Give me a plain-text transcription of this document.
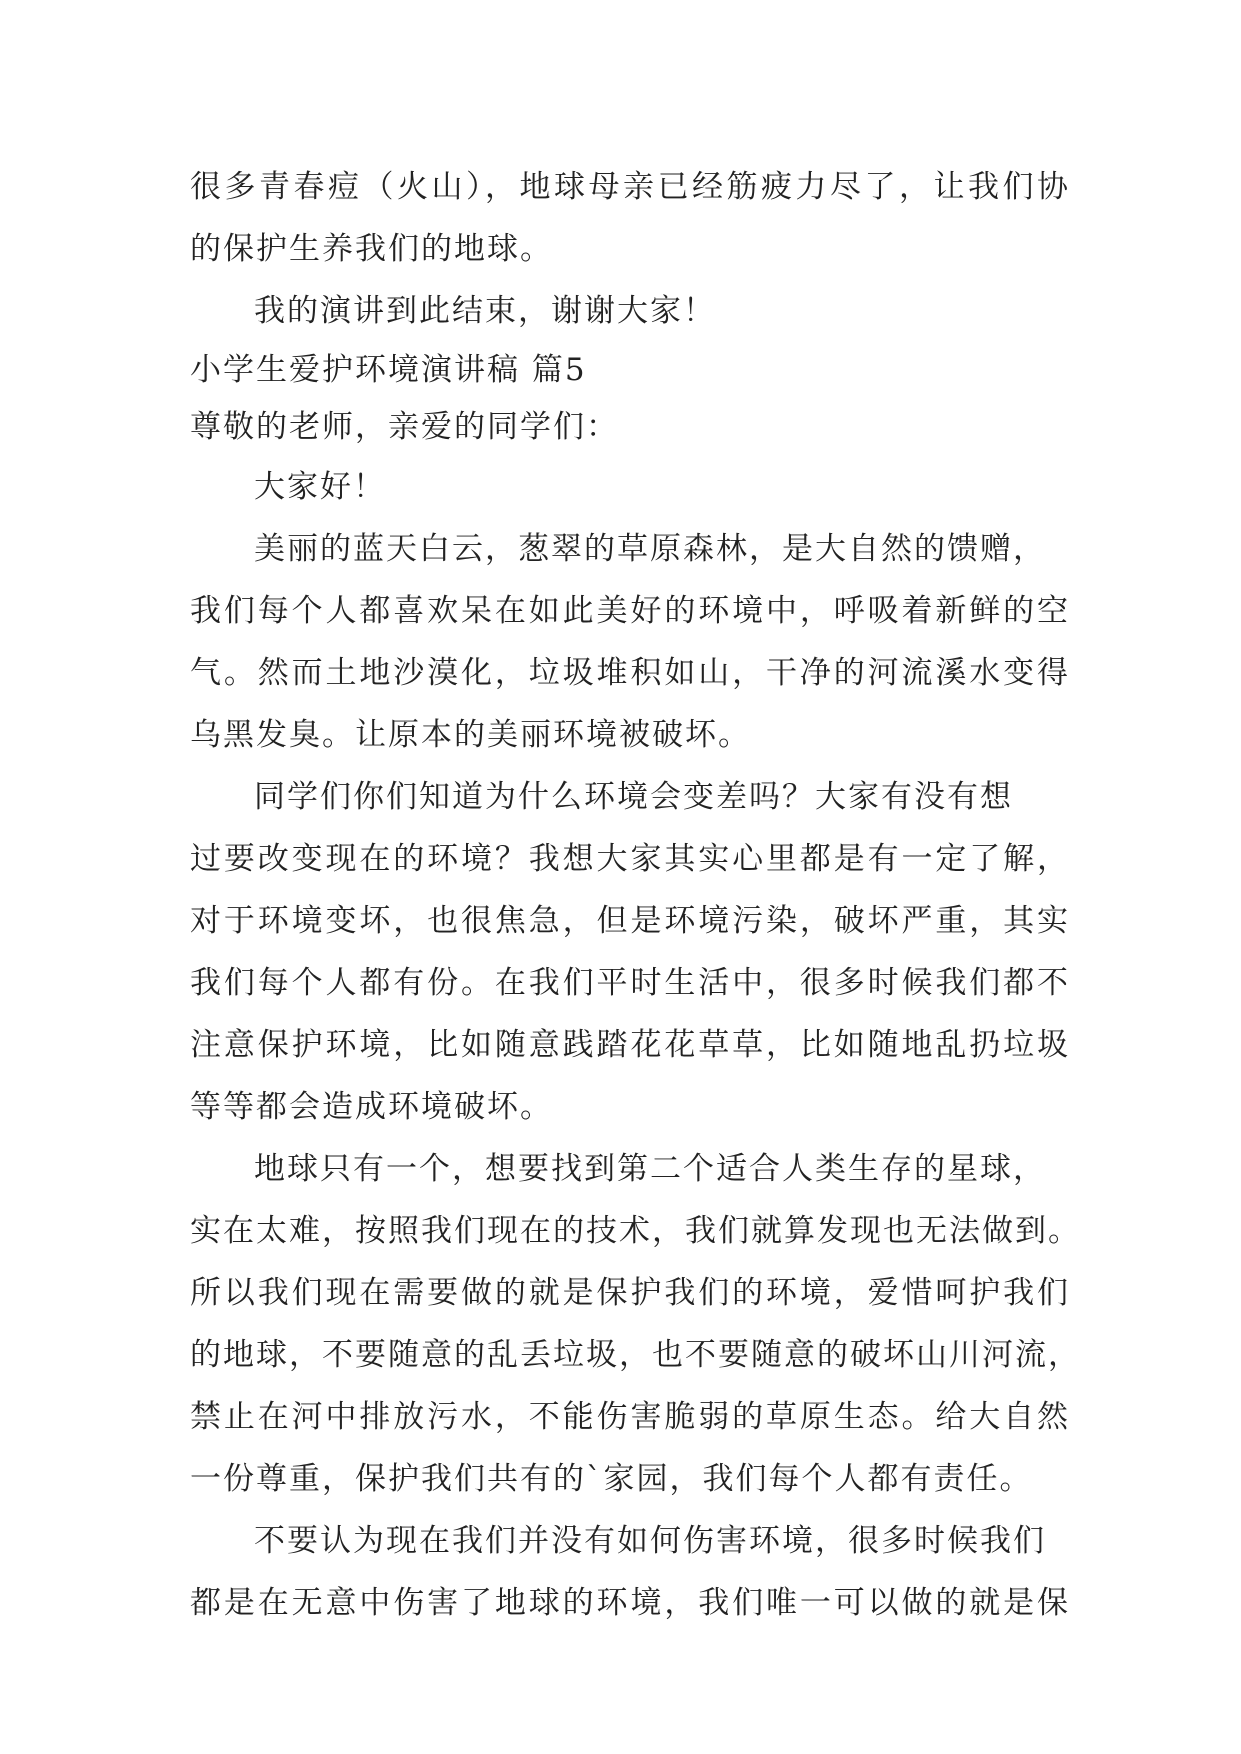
很多青春痘（火山），地球母亲已经筋疲力尽了，让我们协
的保护生养我们的地球。
我的演讲到此结束，谢谢大家！
小学生爱护环境演讲稿 篇5
尊敬的老师，亲爱的同学们：
大家好！
美丽的蓝天白云，葱翠的草原森林，是大自然的馈赠，
我们每个人都喜欢呆在如此美好的环境中，呼吸着新鲜的空
气。然而土地沙漠化，垃圾堆积如山，干净的河流溪水变得
乌黑发臭。让原本的美丽环境被破坏。
同学们你们知道为什么环境会变差吗？大家有没有想
过要改变现在的环境？我想大家其实心里都是有一定了解，
对于环境变坏，也很焦急，但是环境污染，破坏严重，其实
我们每个人都有份。在我们平时生活中，很多时候我们都不
注意保护环境，比如随意践踏花花草草，比如随地乱扔垃圾
等等都会造成环境破坏。
地球只有一个，想要找到第二个适合人类生存的星球，
实在太难，按照我们现在的技术，我们就算发现也无法做到。
所以我们现在需要做的就是保护我们的环境，爱惜呵护我们
的地球，不要随意的乱丢垃圾，也不要随意的破坏山川河流，
禁止在河中排放污水，不能伤害脆弱的草原生态。给大自然
一份尊重，保护我们共有的`家园，我们每个人都有责任。
不要认为现在我们并没有如何伤害环境，很多时候我们
都是在无意中伤害了地球的环境，我们唯一可以做的就是保
